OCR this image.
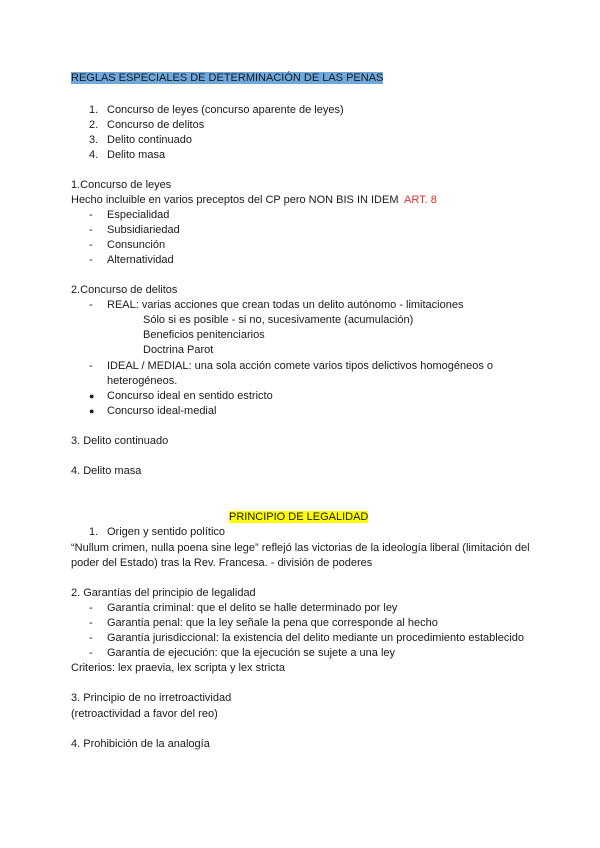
REGLAS ESPECIALES DE DETERMINACIÓN DE LAS PENAS
1. Concurso de leyes (concurso aparente de leyes)
2. Concurso de delitos
3. Delito continuado
4. Delito masa
1.Concurso de leyes
Hecho incluible en varios preceptos del CP pero NON BIS IN IDEM ART. 8
- Especialidad
- Subsidiariedad
- Consunción
- Alternatividad
2.Concurso de delitos
- REAL: varias acciones que crean todas un delito autónomo - limitaciones
Sólo si es posible - si no, sucesivamente (acumulación)
Beneficios penitenciarios
Doctrina Parot
- IDEAL / MEDIAL: una sola acción comete varios tipos delictivos homogéneos o
heterogéneos.
● Concurso ideal en sentido estricto
● Concurso ideal-medial
3. Delito continuado
4. Delito masa
PRINCIPIO DE LEGALIDAD
1. Origen y sentido político
“Nullum crimen, nulla poena sine lege” reflejó las victorias de la ideología liberal (limitación del
poder del Estado) tras la Rev. Francesa. - división de poderes
2. Garantías del principio de legalidad
- Garantía criminal: que el delito se halle determinado por ley
- Garantía penal: que la ley señale la pena que corresponde al hecho
- Garantía jurisdiccional: la existencia del delito mediante un procedimiento establecido
- Garantía de ejecución: que la ejecución se sujete a una ley
Criterios: lex praevia, lex scripta y lex stricta
3. Principio de no irretroactividad
(retroactividad a favor del reo)
4. Prohibición de la analogía
